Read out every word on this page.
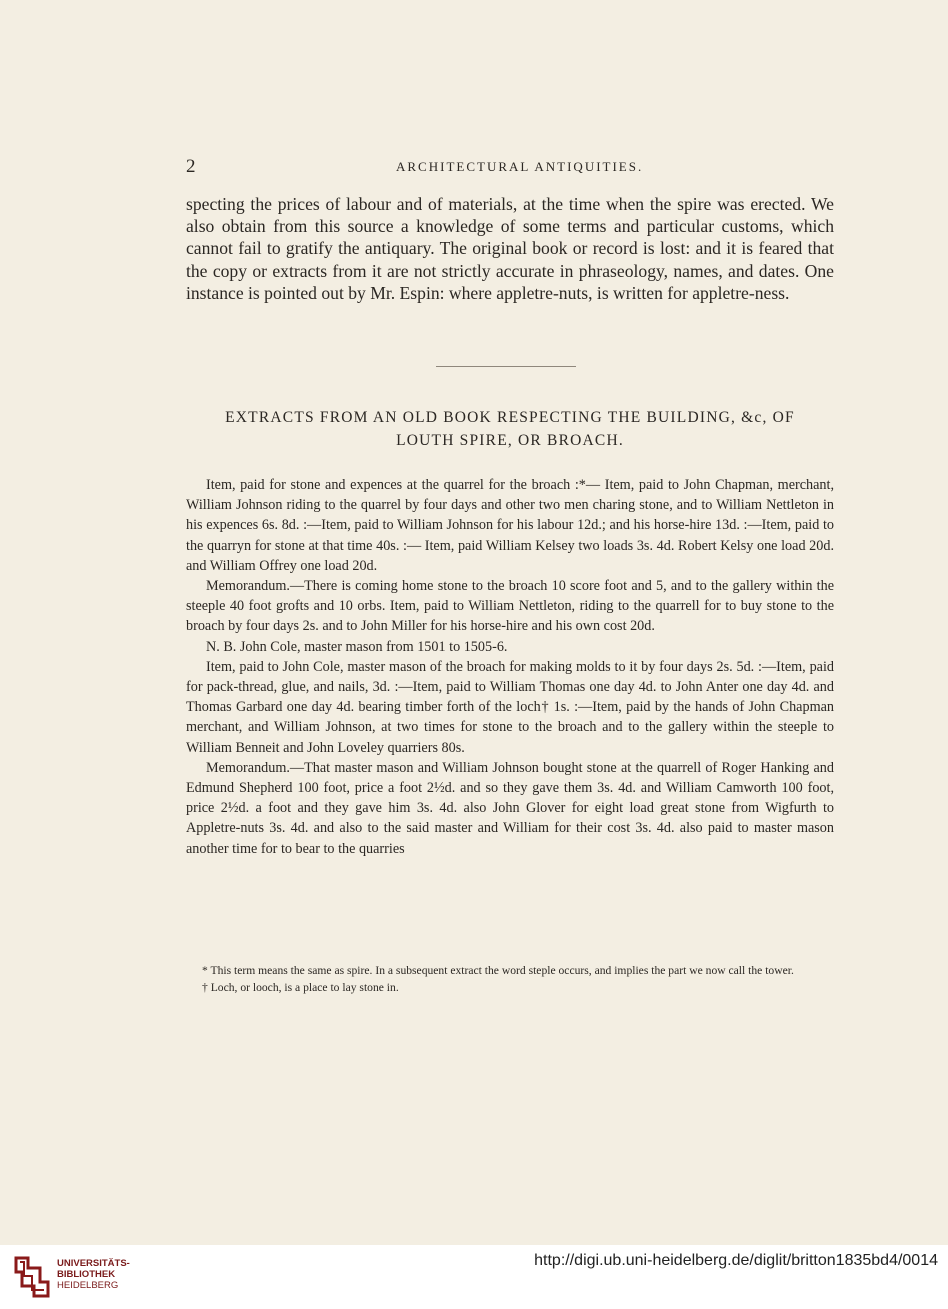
2	ARCHITECTURAL ANTIQUITIES.
specting the prices of labour and of materials, at the time when the spire was erected. We also obtain from this source a knowledge of some terms and particular customs, which cannot fail to gratify the antiquary. The original book or record is lost: and it is feared that the copy or extracts from it are not strictly accurate in phraseology, names, and dates. One instance is pointed out by Mr. Espin: where appletre-nuts, is written for appletre-ness.
EXTRACTS FROM AN OLD BOOK RESPECTING THE BUILDING, &c, OF
LOUTH SPIRE, OR BROACH.

Item, paid for stone and expences at the quarrel for the broach :*— Item, paid to John Chapman, merchant, William Johnson riding to the quarrel by four days and other two men charing stone, and to William Nettleton in his expences 6s. 8d. :—Item, paid to William Johnson for his labour 12d.; and his horse-hire 13d. :—Item, paid to the quarryn for stone at that time 40s. :— Item, paid William Kelsey two loads 3s. 4d. Robert Kelsy one load 20d. and William Offrey one load 20d.

Memorandum.—There is coming home stone to the broach 10 score foot and 5, and to the gallery within the steeple 40 foot grofts and 10 orbs. Item, paid to William Nettleton, riding to the quarrell for to buy stone to the broach by four days 2s. and to John Miller for his horse-hire and his own cost 20d.

N. B. John Cole, master mason from 1501 to 1505-6.

Item, paid to John Cole, master mason of the broach for making molds to it by four days 2s. 5d. :—Item, paid for pack-thread, glue, and nails, 3d. :—Item, paid to William Thomas one day 4d. to John Anter one day 4d. and Thomas Garbard one day 4d. bearing timber forth of the loch† 1s. :—Item, paid by the hands of John Chapman merchant, and William Johnson, at two times for stone to the broach and to the gallery within the steeple to William Benneit and John Loveley quarriers 80s.

Memorandum.—That master mason and William Johnson bought stone at the quarrell of Roger Hanking and Edmund Shepherd 100 foot, price a foot 2½d. and so they gave them 3s. 4d. and William Camworth 100 foot, price 2½d. a foot and they gave him 3s. 4d. also John Glover for eight load great stone from Wigfurth to Appletre-nuts 3s. 4d. and also to the said master and William for their cost 3s. 4d. also paid to master mason another time for to bear to the quarries

* This term means the same as spire. In a subsequent extract the word steple occurs, and implies the part we now call the tower.

† Loch, or looch, is a place to lay stone in.

UNIVERSITÄTS-
BIBLIOTHEK
HEIDELBERG
http://digi.ub.uni-heidelberg.de/diglit/britton1835bd4/0014
